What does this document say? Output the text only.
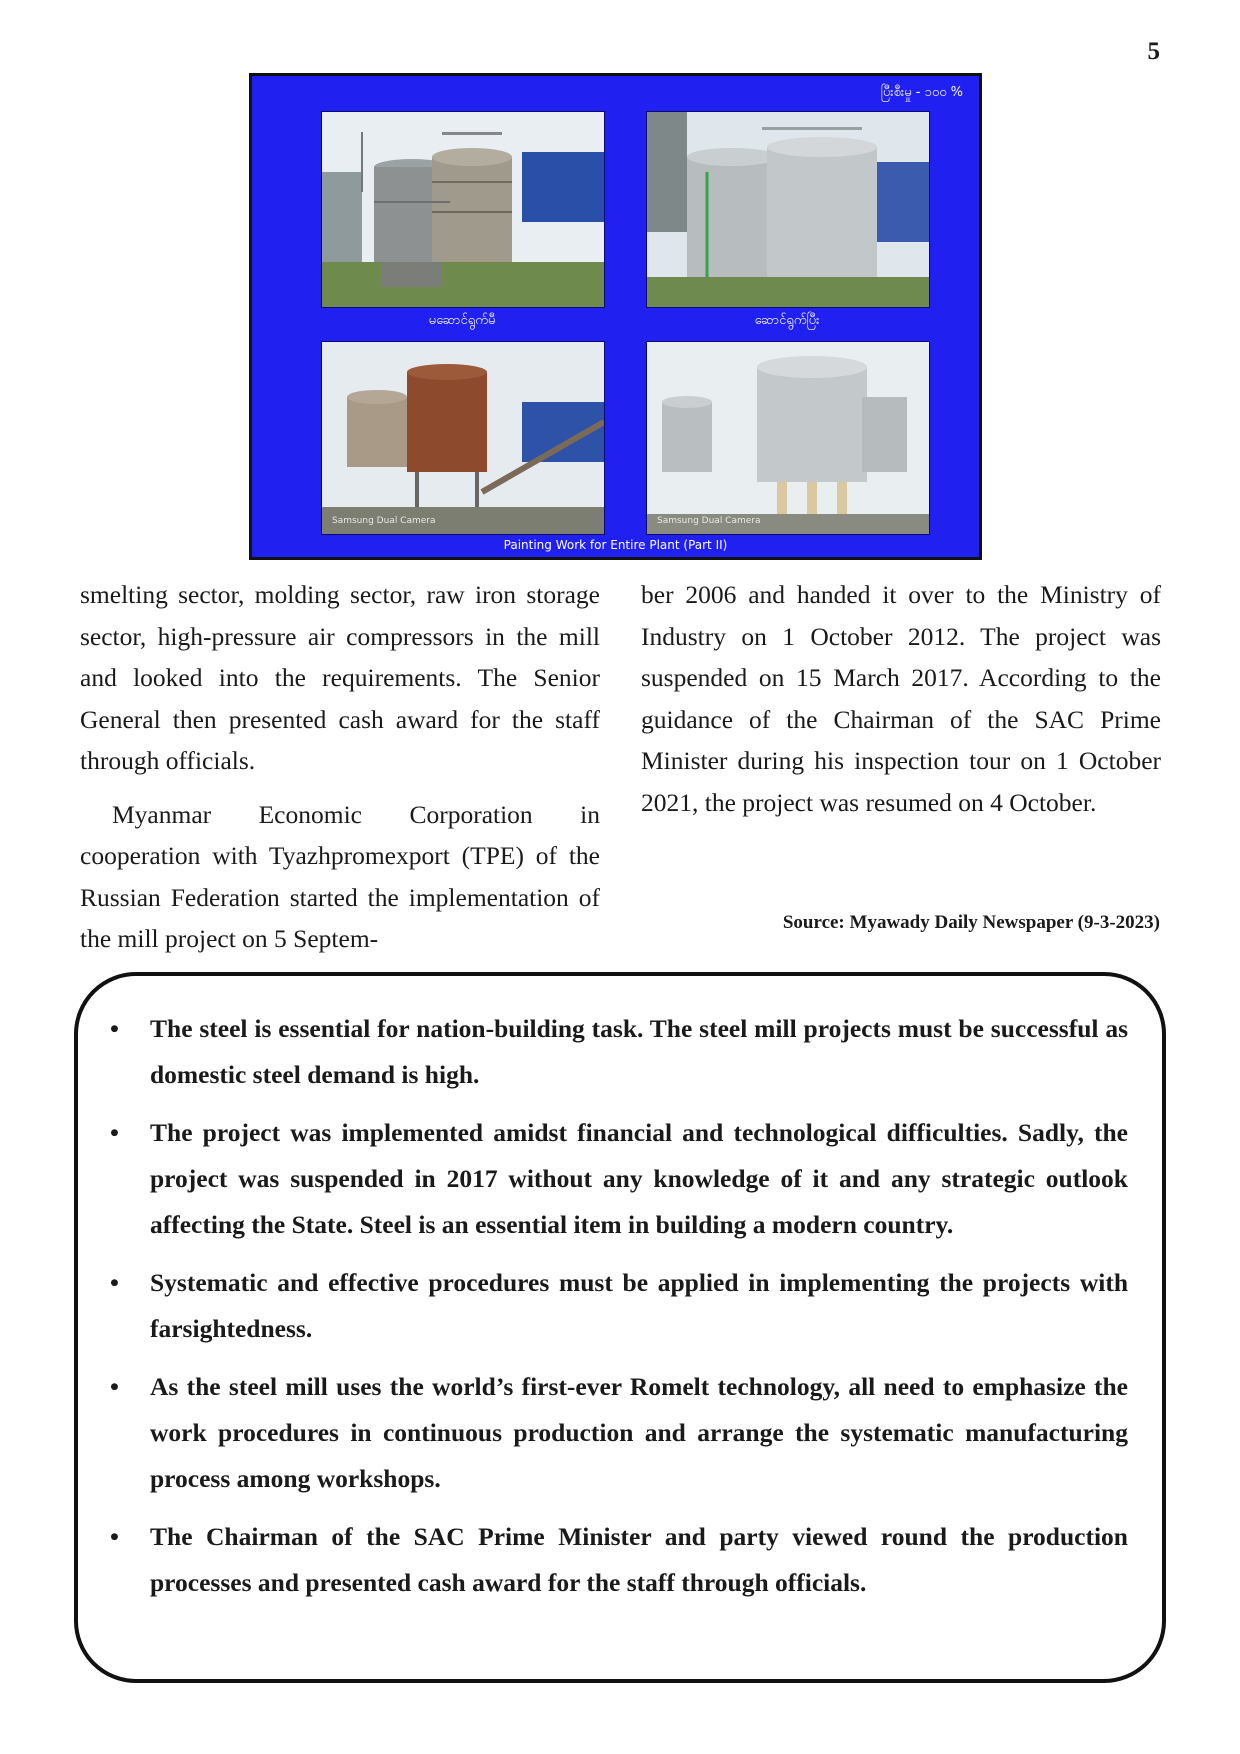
5
ပြီးစီးမှု - ၁၀၀ %
မဆောင်ရွက်မီ	ဆောင်ရွက်ပြီး
Samsung Dual Camera	Samsung Dual Camera
Painting Work for Entire Plant (Part II)

smelting sector, molding sector, raw iron storage sector, high-pressure air compressors in the mill and looked into the requirements. The Senior General then presented cash award for the staff through officials.

Myanmar Economic Corporation in cooperation with Tyazhpromexport (TPE) of the Russian Federation started the implementation of the mill project on 5 Septem-

ber 2006 and handed it over to the Ministry of Industry on 1 October 2012. The project was suspended on 15 March 2017. According to the guidance of the Chairman of the SAC Prime Minister during his inspection tour on 1 October 2021, the project was resumed on 4 October.

Source: Myawady Daily Newspaper (9-3-2023)
• The steel is essential for nation-building task. The steel mill projects must be successful as domestic steel demand is high.
• The project was implemented amidst financial and technological difficulties. Sadly, the project was suspended in 2017 without any knowledge of it and any strategic outlook affecting the State. Steel is an essential item in building a modern country.
• Systematic and effective procedures must be applied in implementing the projects with farsightedness.
• As the steel mill uses the world’s first-ever Romelt technology, all need to emphasize the work procedures in continuous production and arrange the systematic manufacturing process among workshops.
• The Chairman of the SAC Prime Minister and party viewed round the production processes and presented cash award for the staff through officials.
